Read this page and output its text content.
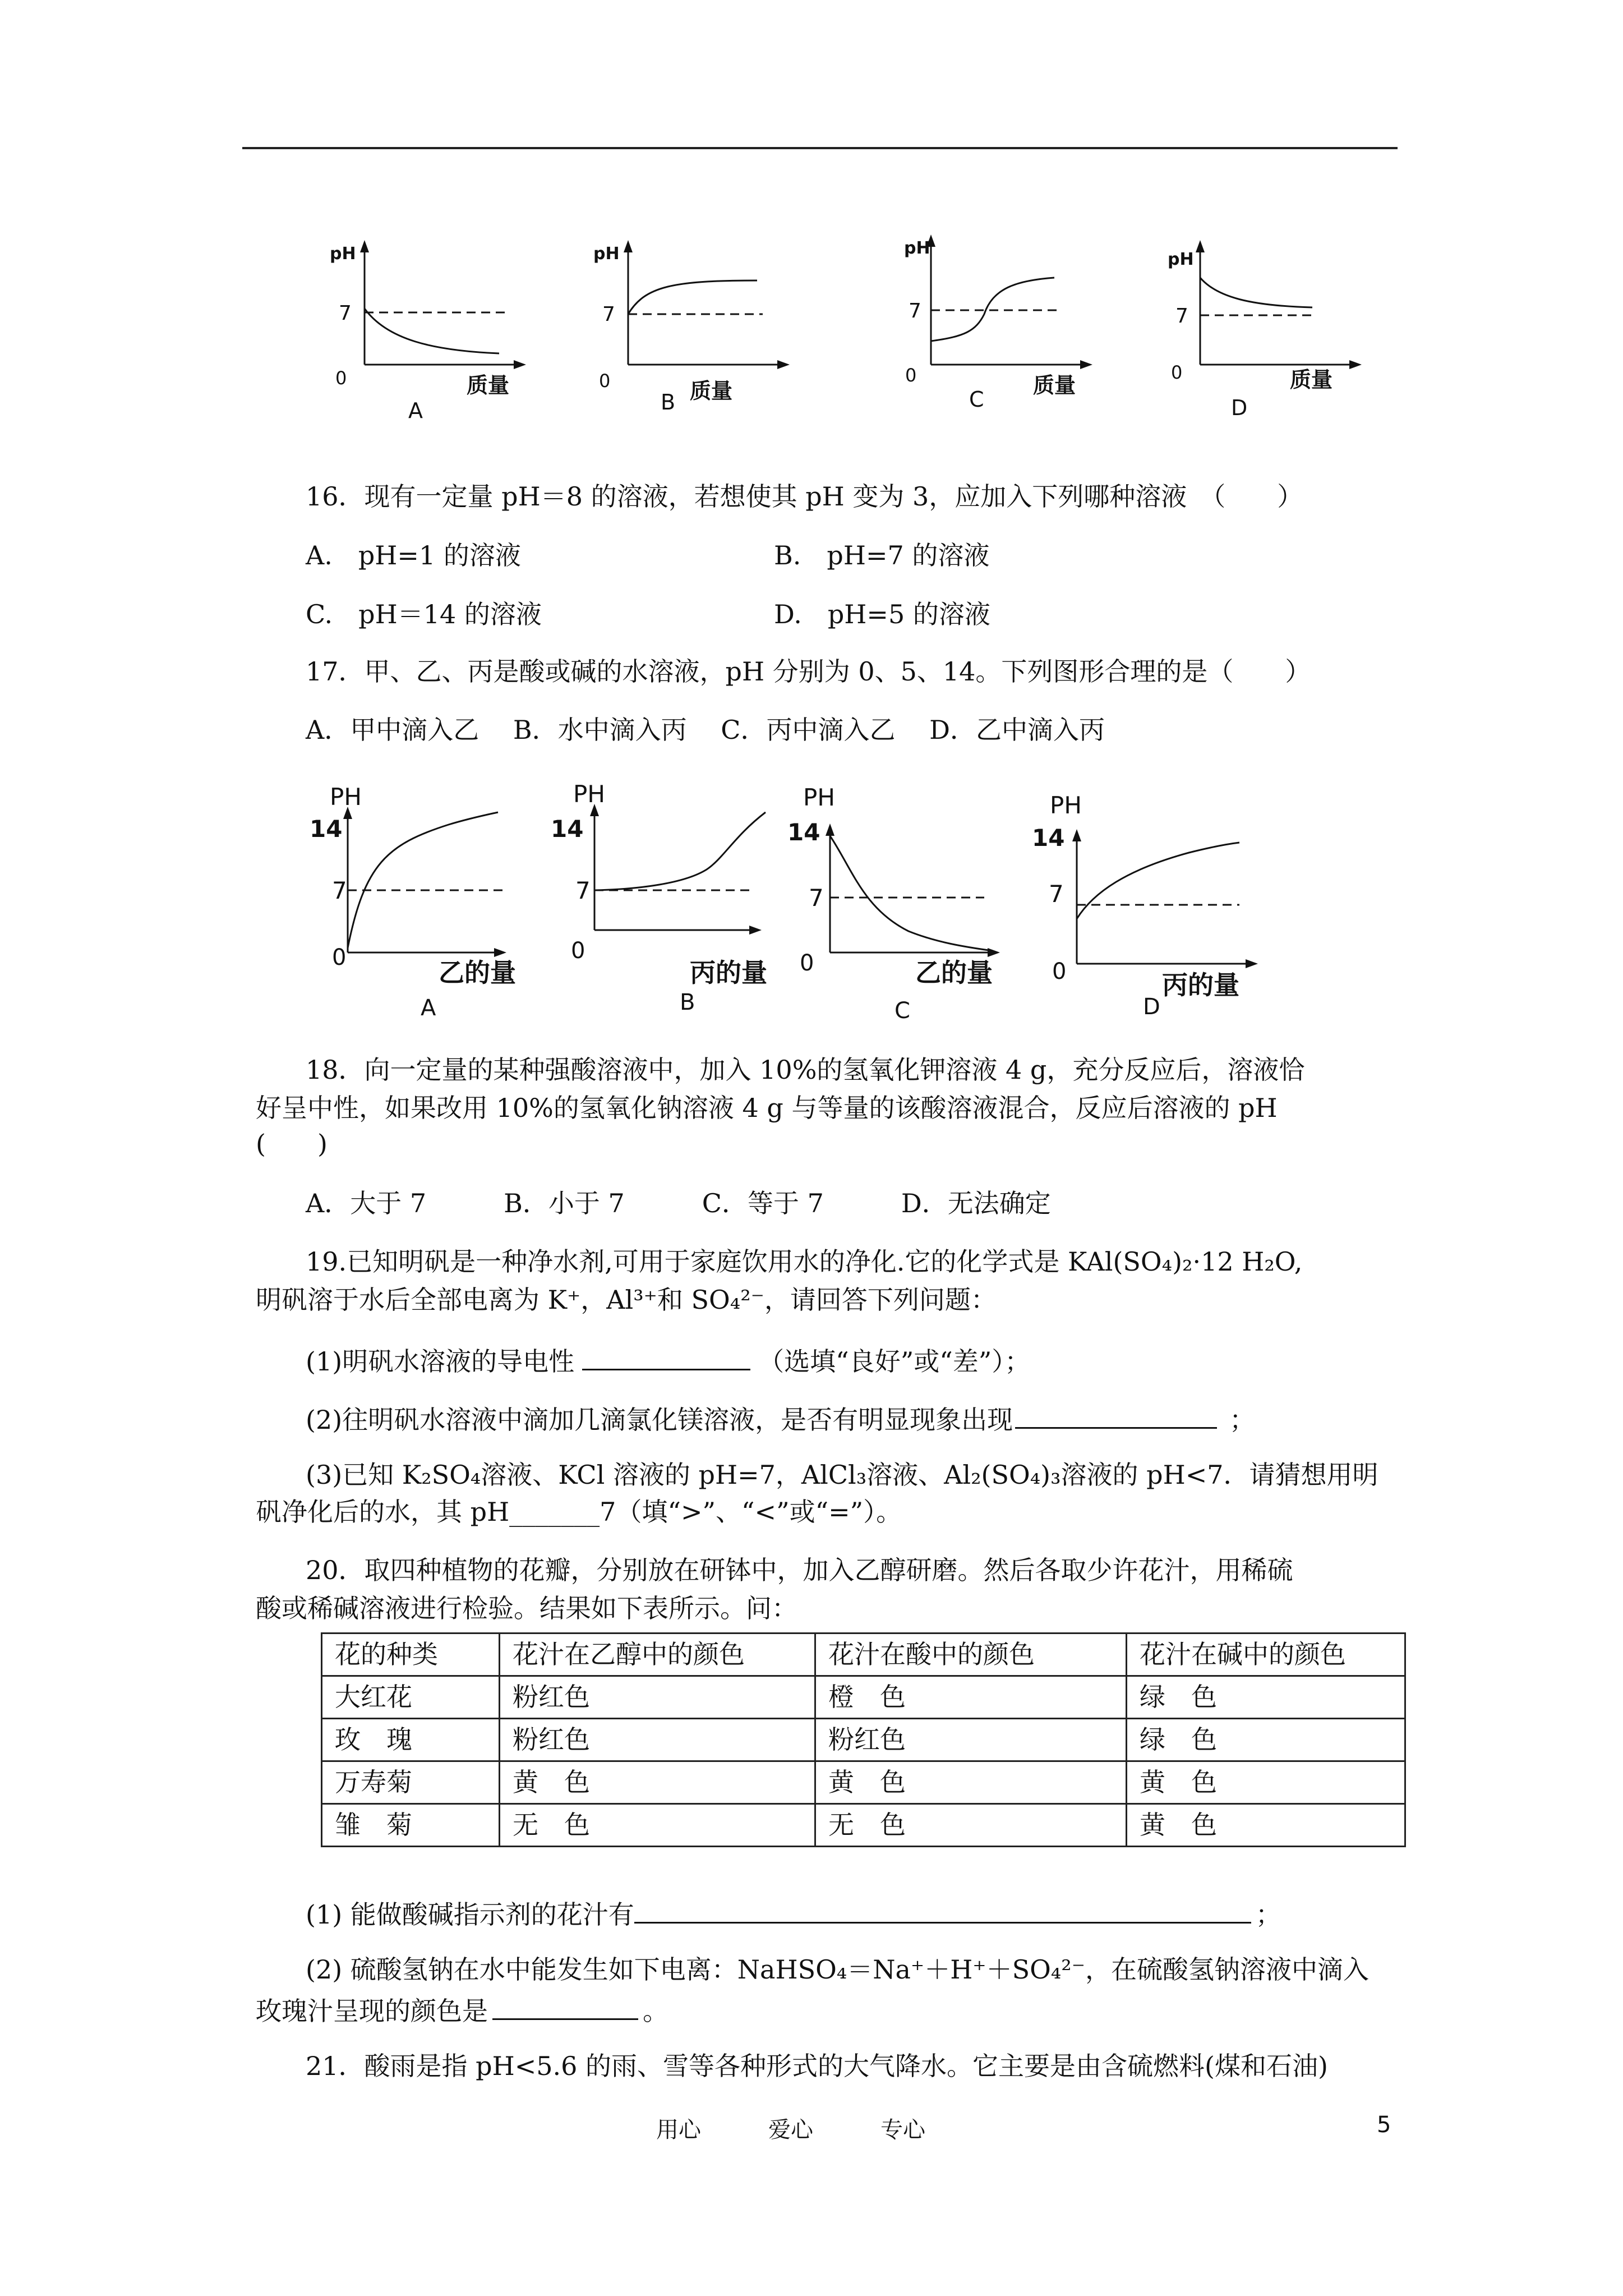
pH
7
0	质量
A
pH
7
0	质量
B
pH
7
0	质量
C
pH
7
0	质量
D
16．现有一定量 pH＝8 的溶液，若想使其 pH 变为 3，应加入下列哪种溶液　（　　）
A.　pH=1 的溶液	B.　pH=7 的溶液
C.　pH＝14 的溶液	D.　pH=5 的溶液
17．甲、乙、丙是酸或碱的水溶液，pH 分别为 0、5、14。下列图形合理的是（　　）
A．甲中滴入乙　 B．水中滴入丙　 C．丙中滴入乙　 D．乙中滴入丙
PH
14
7
0	乙的量
A
PH
14
7
0
丙的量
B
PH
14
7
0	乙的量
C
PH
14
7
0	丙的量
D
18．向一定量的某种强酸溶液中，加入 10%的氢氧化钾溶液 4 g，充分反应后，溶液恰
好呈中性，如果改用 10%的氢氧化钠溶液 4 g 与等量的该酸溶液混合，反应后溶液的 pH
(　　)
A．大于 7　　　B．小于 7　　　C．等于 7　　　D．无法确定
19.已知明矾是一种净水剂,可用于家庭饮用水的净化.它的化学式是 KAl(SO₄)₂·12 H₂O,
明矾溶于水后全部电离为 K⁺，Al³⁺和 SO₄²⁻，请回答下列问题：
(1)明矾水溶液的导电性	（选填“良好”或“差”）；
(2)往明矾水溶液中滴加几滴氯化镁溶液，是否有明显现象出现	；
(3)已知 K₂SO₄溶液、KCl 溶液的 pH=7，AlCl₃溶液、Al₂(SO₄)₃溶液的 pH<7．请猜想用明
矾净化后的水，其 pH_______7（填“>”、“<”或“=”）。
20．取四种植物的花瓣，分别放在研钵中，加入乙醇研磨。然后各取少许花汁，用稀硫
酸或稀碱溶液进行检验。结果如下表所示。问：
花的种类	花汁在乙醇中的颜色	花汁在酸中的颜色	花汁在碱中的颜色
大红花	粉红色	橙　色	绿　色
玫　瑰	粉红色	粉红色	绿　色
万寿菊	黄　色	黄　色	黄　色
雏　菊	无　色	无　色	黄　色
(1) 能做酸碱指示剂的花汁有	；
(2) 硫酸氢钠在水中能发生如下电离：NaHSO₄＝Na⁺＋H⁺＋SO₄²⁻，在硫酸氢钠溶液中滴入
玫瑰汁呈现的颜色是	。
21．酸雨是指 pH<5.6 的雨、雪等各种形式的大气降水。它主要是由含硫燃料(煤和石油)
用心　　　爱心　　　专心	5
